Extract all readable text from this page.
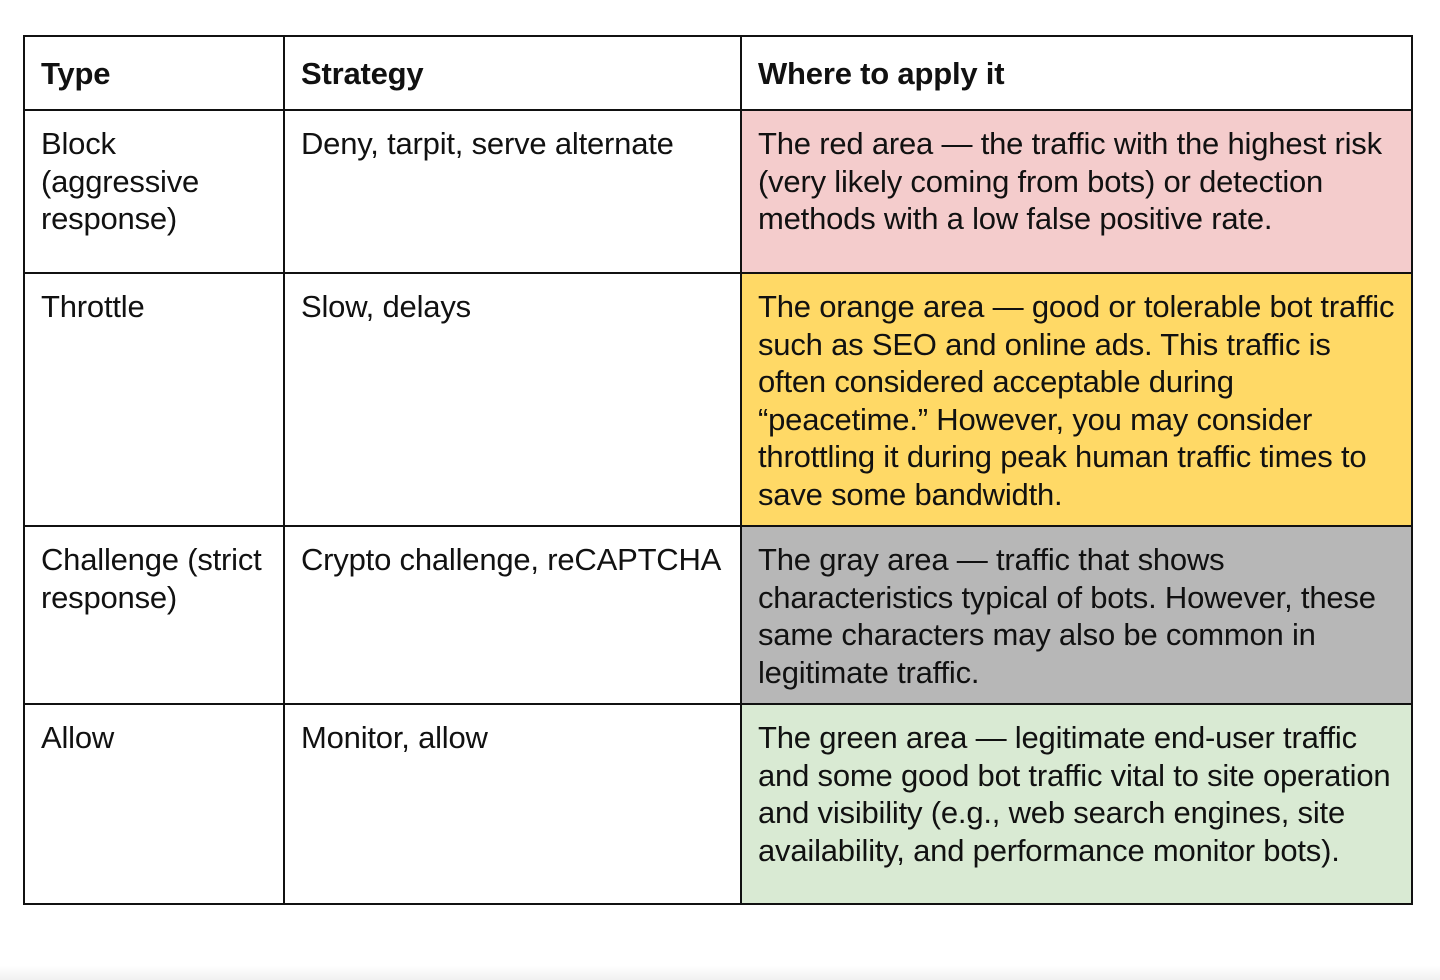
Type	Strategy	Where to apply it

Block (aggressive response)	Deny, tarpit, serve alternate	The red area — the traffic with the highest risk (very likely coming from bots) or detection methods with a low false positive rate.

Throttle	Slow, delays	The orange area — good or tolerable bot traffic such as SEO and online ads. This traffic is often considered acceptable during “peacetime.” However, you may consider throttling it during peak human traffic times to save some bandwidth.

Challenge (strict response)	Crypto challenge, reCAPTCHA	The gray area — traffic that shows characteristics typical of bots. However, these same characters may also be common in legitimate traffic.

Allow	Monitor, allow	The green area — legitimate end-user traffic and some good bot traffic vital to site operation and visibility (e.g., web search engines, site availability, and performance monitor bots).
